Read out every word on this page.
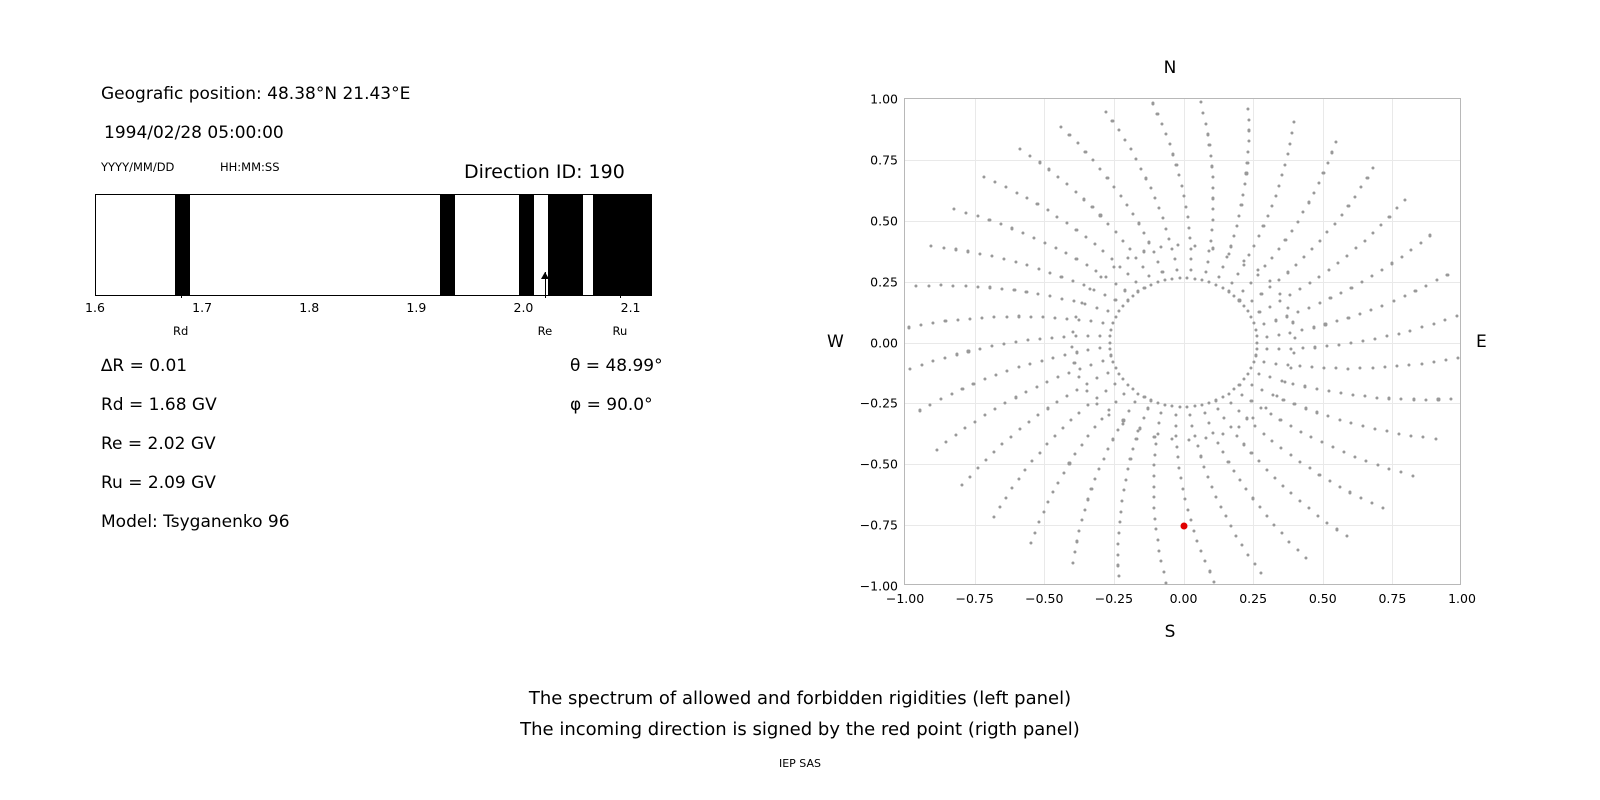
Geografic position: 48.38°N 21.43°E
1994/02/28 05:00:00
YYYY/MM/DD	HH:MM:SS	Direction ID: 190
1.6	1.7	1.8	1.9	2.0	2.1
Rd	Re	Ru
∆R = 0.01
Rd = 1.68 GV
Re = 2.02 GV
Ru = 2.09 GV
Model: Tsyganenko 96
θ = 48.99°
φ = 90.0°
−1.00	−0.75	−0.50	−0.25	0.00	0.25	0.50	0.75	1.00
−1.00
−0.75
−0.50
−0.25
0.00
0.25
0.50
0.75
1.00
N
S
W	E
The spectrum of allowed and forbidden rigidities (left panel)
The incoming direction is signed by the red point (rigth panel)
IEP SAS
